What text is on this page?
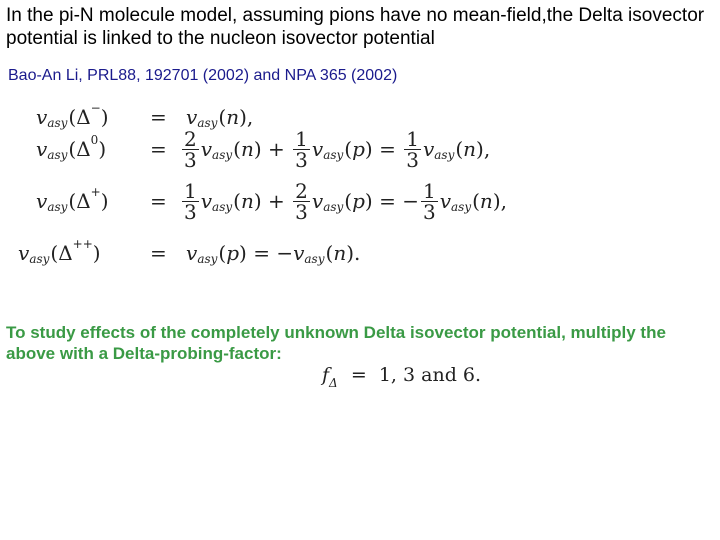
In the pi-N molecule model, assuming pions have no mean-field,the Delta isovector potential is linked to the nucleon isovector potential
Bao-An Li, PRL88, 192701 (2002) and NPA 365 (2002)
v asy ( Δ − ) = v asy ( n ) ,
v asy ( Δ 0 ) = $\frac{2}{3}$ v asy ( n ) +
$\frac{1}{3}$ v asy ( p ) =
$\frac{1}{3}$ v asy ( n ) ,
v asy ( Δ + ) = $\frac{1}{3}$ v asy ( n ) +
$\frac{2}{3}$ v asy ( p ) =
− $\frac{1}{3}$ v asy ( n ) ,
v asy ( Δ ++ ) = v asy ( p ) =
− v asy ( n ) .
To study effects of the completely unknown Delta isovector potential, multiply the above with a Delta-probing-factor:
$f_\Delta = 1$, 3 and 6.
